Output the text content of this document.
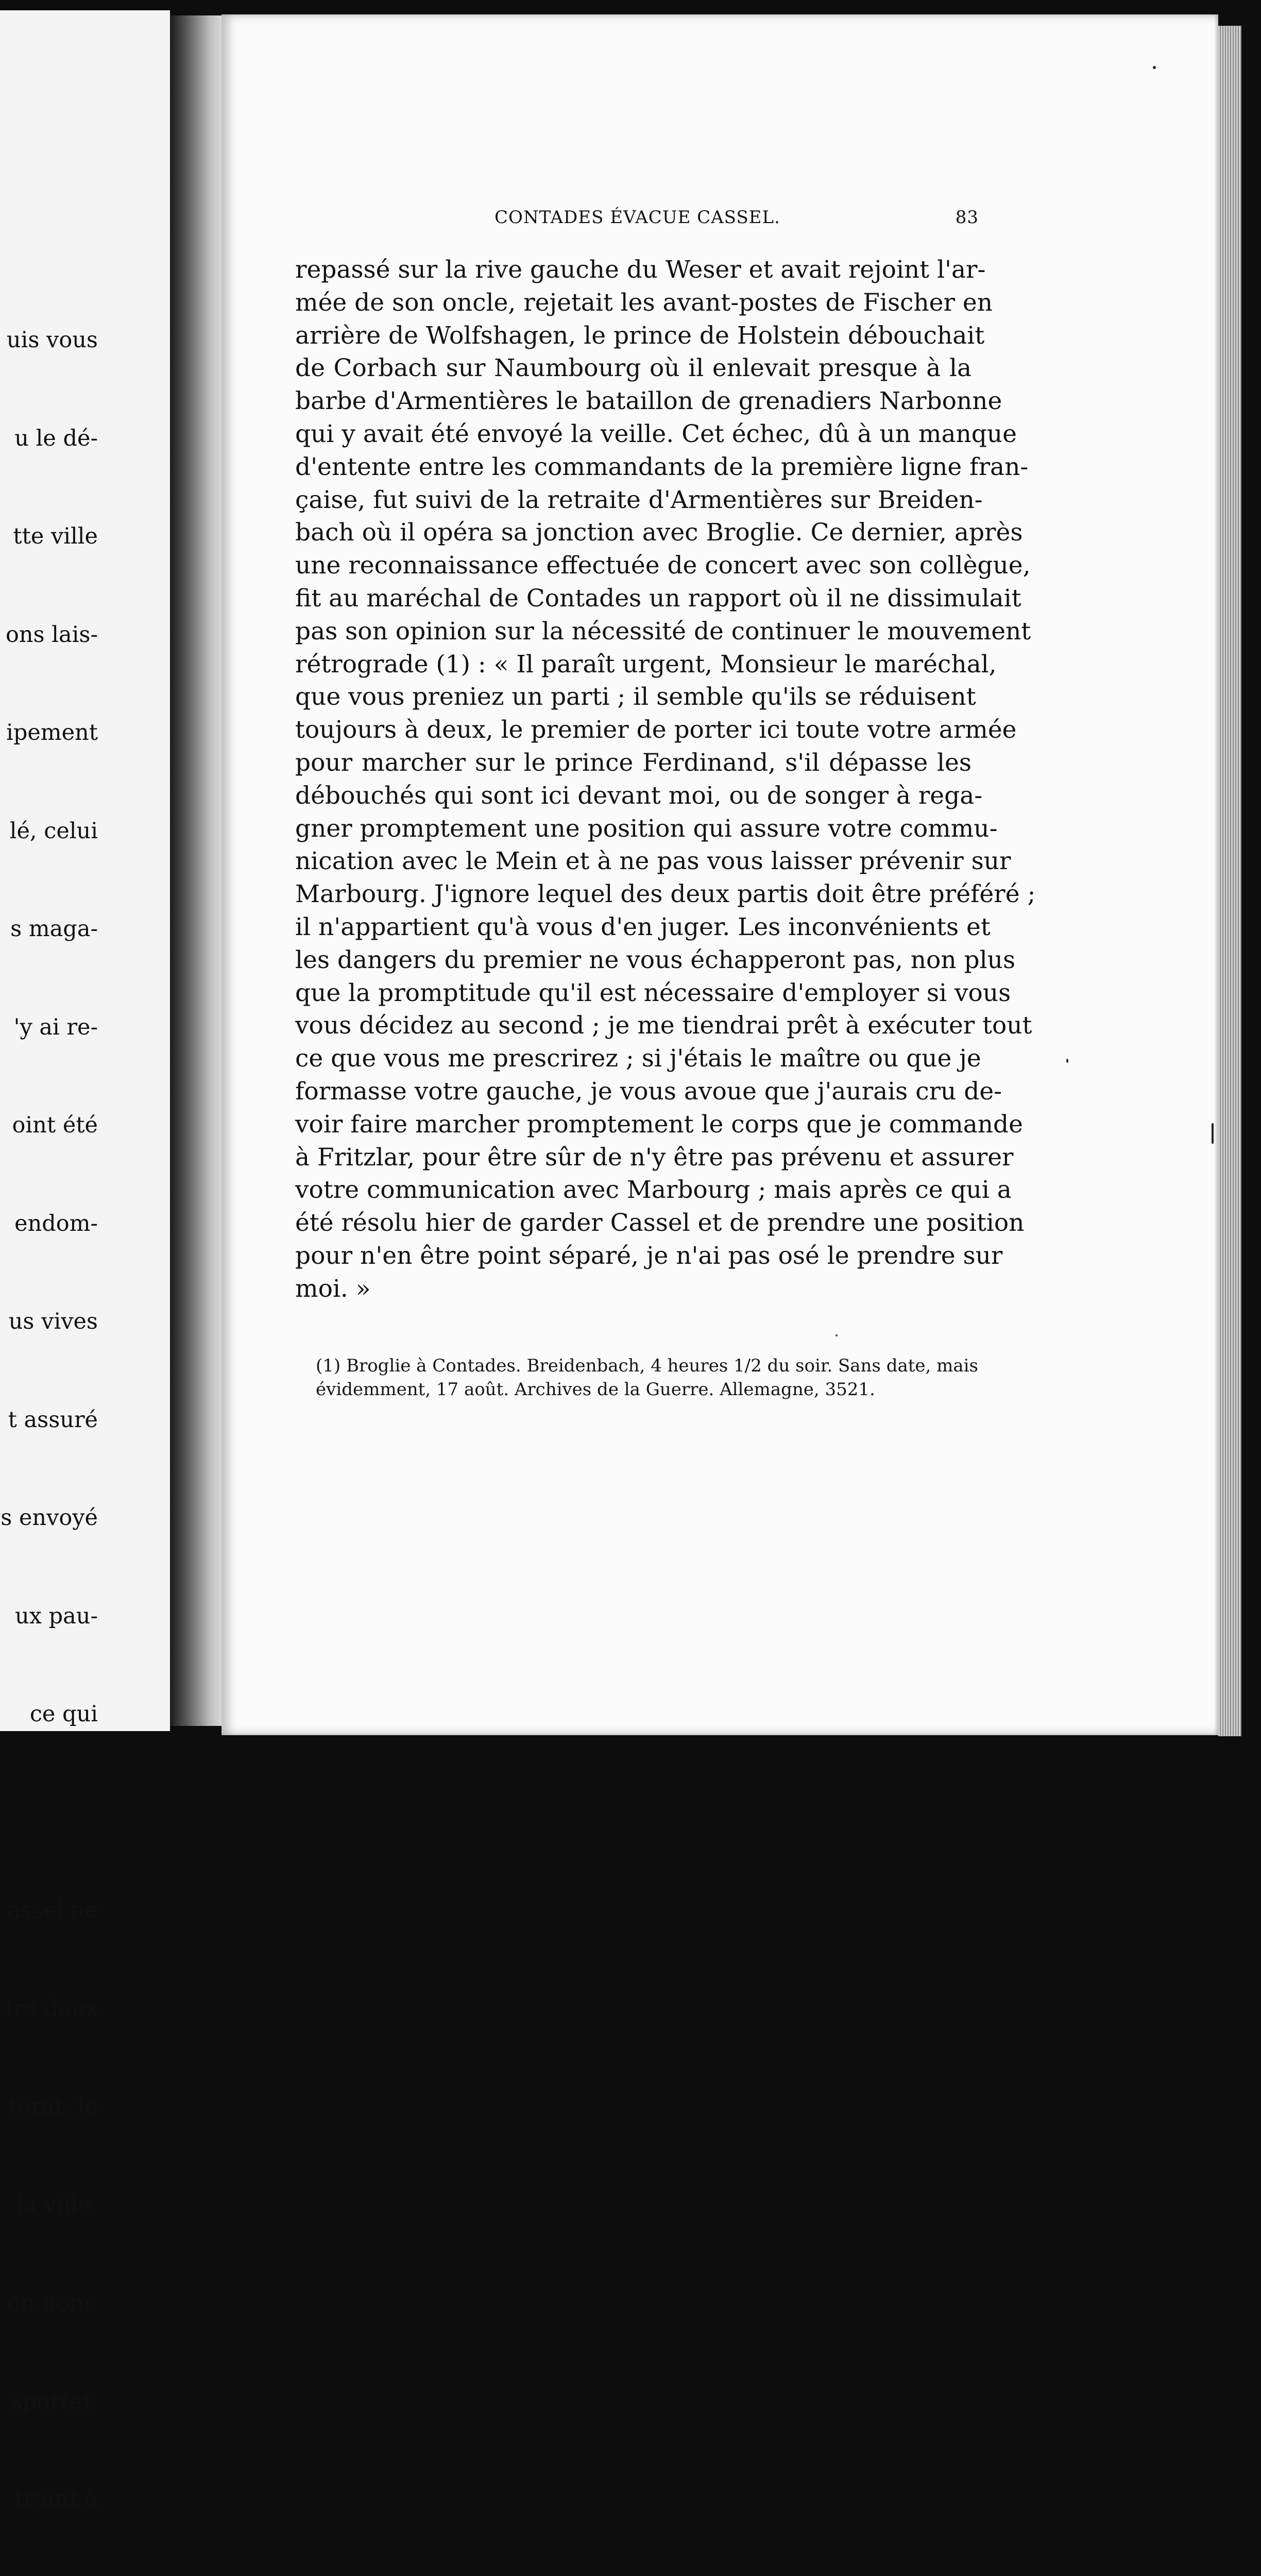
uis vous

u le dé-

tte ville

ons lais-

ipement

lé, celui

s maga-

'y ai re-

oint été

endom-

us vives

t assuré

s envoyé

ux pau-

ce qui

assel ne

ire deux

torat, le

la ville,

on nom-

sporter.

traint à

CONTADES ÉVACUE CASSEL.	83
repassé sur la rive gauche du Weser et avait rejoint l'ar-
mée de son oncle, rejetait les avant-postes de Fischer en
arrière de Wolfshagen, le prince de Holstein débouchait
de Corbach sur Naumbourg où il enlevait presque à la
barbe d'Armentières le bataillon de grenadiers Narbonne
qui y avait été envoyé la veille. Cet échec, dû à un manque
d'entente entre les commandants de la première ligne fran-
çaise, fut suivi de la retraite d'Armentières sur Breiden-
bach où il opéra sa jonction avec Broglie. Ce dernier, après
une reconnaissance effectuée de concert avec son collègue,
fit au maréchal de Contades un rapport où il ne dissimulait
pas son opinion sur la nécessité de continuer le mouvement
rétrograde (1) : « Il paraît urgent, Monsieur le maréchal,
que vous preniez un parti ; il semble qu'ils se réduisent
toujours à deux, le premier de porter ici toute votre armée
pour marcher sur le prince Ferdinand, s'il dépasse les
débouchés qui sont ici devant moi, ou de songer à rega-
gner promptement une position qui assure votre commu-
nication avec le Mein et à ne pas vous laisser prévenir sur
Marbourg. J'ignore lequel des deux partis doit être préféré ;
il n'appartient qu'à vous d'en juger. Les inconvénients et
les dangers du premier ne vous échapperont pas, non plus
que la promptitude qu'il est nécessaire d'employer si vous
vous décidez au second ; je me tiendrai prêt à exécuter tout
ce que vous me prescrirez ; si j'étais le maître ou que je
formasse votre gauche, je vous avoue que j'aurais cru de-
voir faire marcher promptement le corps que je commande
à Fritzlar, pour être sûr de n'y être pas prévenu et assurer
votre communication avec Marbourg ; mais après ce qui a
été résolu hier de garder Cassel et de prendre une position
pour n'en être point séparé, je n'ai pas osé le prendre sur
moi. »
(1) Broglie à Contades. Breidenbach, 4 heures 1/2 du soir. Sans date, mais
évidemment, 17 août. Archives de la Guerre. Allemagne, 3521.
